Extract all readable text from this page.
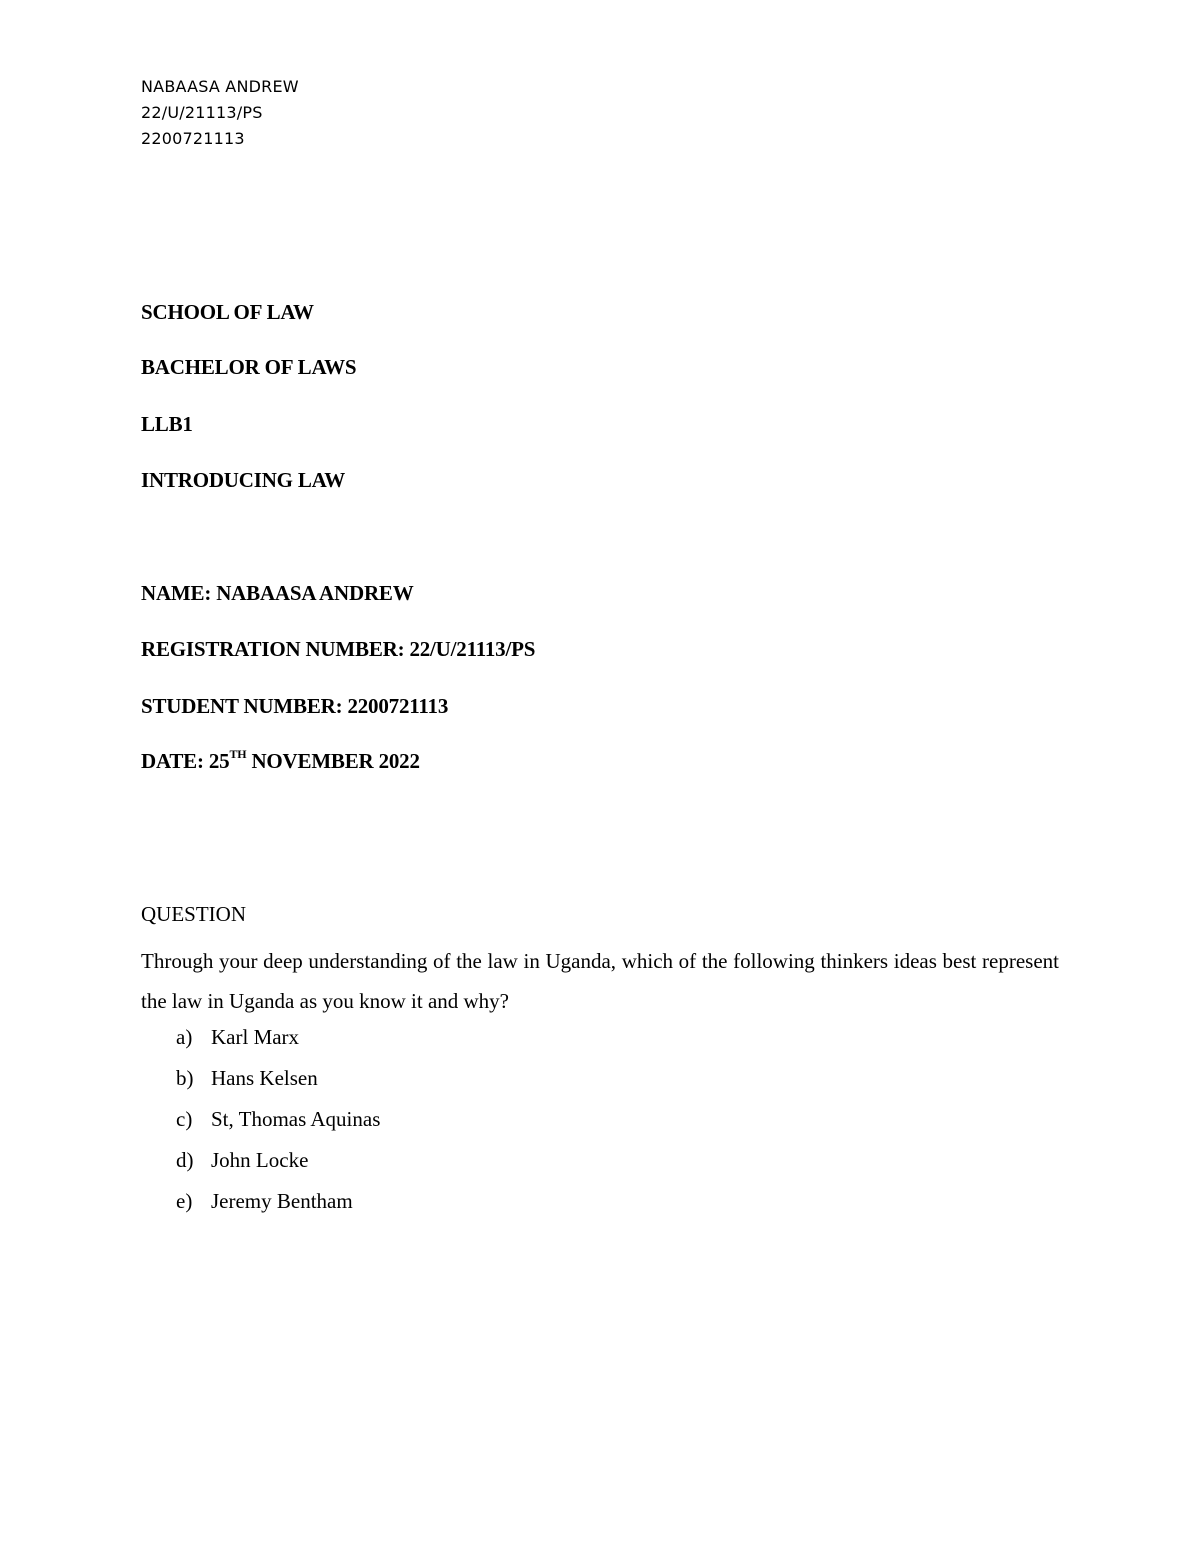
NABAASA ANDREW
22/U/21113/PS
2200721113
SCHOOL OF LAW
BACHELOR OF LAWS
LLB1
INTRODUCING LAW
NAME: NABAASA ANDREW
REGISTRATION NUMBER: 22/U/21113/PS
STUDENT NUMBER: 2200721113
DATE: 25TH NOVEMBER 2022
QUESTION
Through your deep understanding of the law in Uganda, which of the following thinkers ideas best represent the law in Uganda as you know it and why?
a) Karl Marx
b) Hans Kelsen
c) St, Thomas Aquinas
d) John Locke
e) Jeremy Bentham
